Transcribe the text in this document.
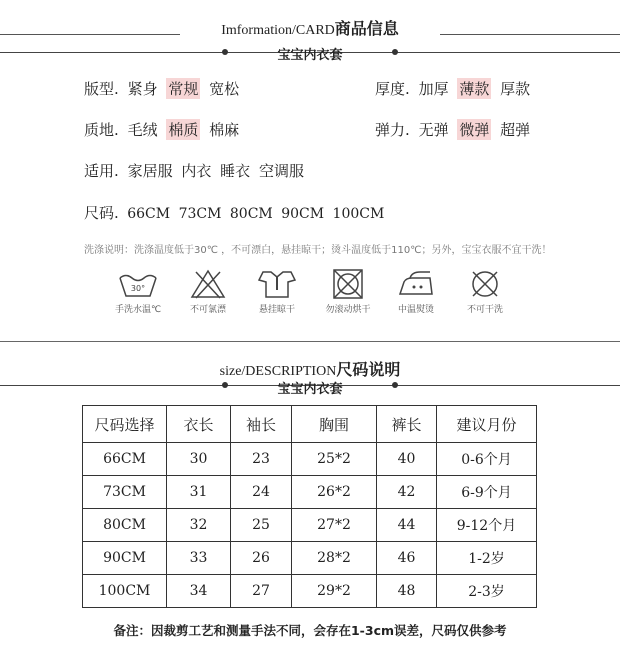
Imformation/CARD商品信息
宝宝内衣套
版型. 紧身 常规 宽松	厚度. 加厚 薄款 厚款
质地. 毛绒 棉质 棉麻	弹力. 无弹 微弹 超弹
适用. 家居服 内衣 睡衣 空调服
尺码. 66CM 73CM 80CM 90CM 100CM
洗涤说明：洗涤温度低于30℃ ，不可漂白，悬挂晾干；烫斗温度低于110℃；另外，宝宝衣服不宜干洗！
30°
手洗水温℃	不可氯漂	悬挂晾干	勿滚动烘干	中温熨烫	不可干洗
size/DESCRIPTION尺码说明
宝宝内衣套
尺码选择	衣长	袖长	胸围	裤长	建议月份
66CM	30	23	25*2	40	0-6个月
73CM	31	24	26*2	42	6-9个月
80CM	32	25	27*2	44	9-12个月
90CM	33	26	28*2	46	1-2岁
100CM	34	27	29*2	48	2-3岁
备注：因裁剪工艺和测量手法不同，会存在1-3cm误差，尺码仅供参考
